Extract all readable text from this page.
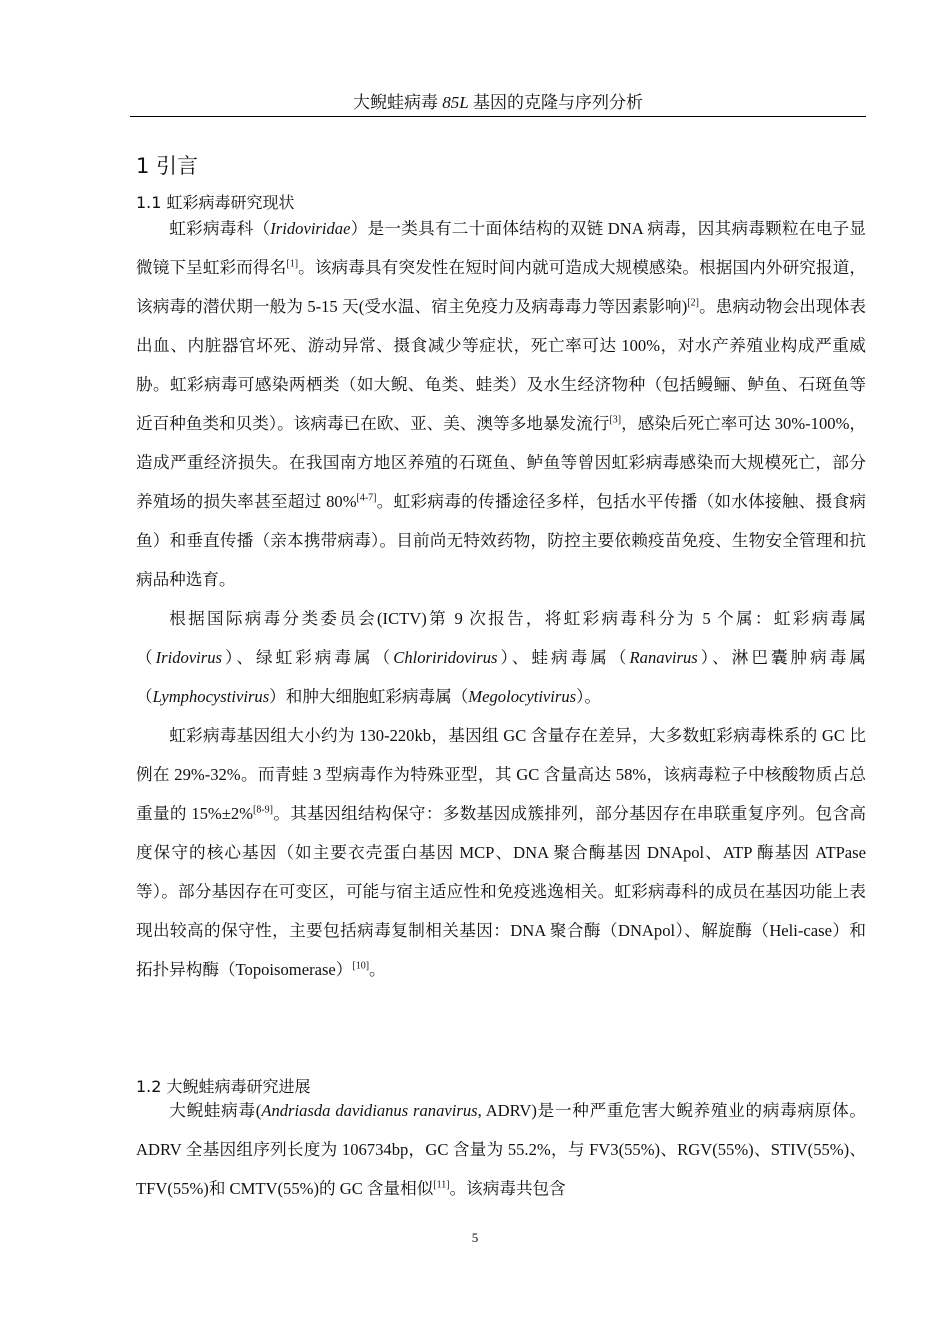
大鲵蛙病毒 85L 基因的克隆与序列分析
1 引言
1.1 虹彩病毒研究现状

虹彩病毒科（Iridoviridae）是一类具有二十面体结构的双链 DNA 病毒，因其病毒颗粒在电子显微镜下呈虹彩而得名[1]。该病毒具有突发性在短时间内就可造成大规模感染。根据国内外研究报道，该病毒的潜伏期一般为 5-15 天(受水温、宿主免疫力及病毒毒力等因素影响)[2]。患病动物会出现体表出血、内脏器官坏死、游动异常、摄食减少等症状，死亡率可达 100%，对水产养殖业构成严重威胁。虹彩病毒可感染两栖类（如大鲵、龟类、蛙类）及水生经济物种（包括鳗鲡、鲈鱼、石斑鱼等近百种鱼类和贝类）。该病毒已在欧、亚、美、澳等多地暴发流行[3]，感染后死亡率可达 30%-100%，造成严重经济损失。在我国南方地区养殖的石斑鱼、鲈鱼等曾因虹彩病毒感染而大规模死亡，部分养殖场的损失率甚至超过 80%[4-7]。虹彩病毒的传播途径多样，包括水平传播（如水体接触、摄食病鱼）和垂直传播（亲本携带病毒）。目前尚无特效药物，防控主要依赖疫苗免疫、生物安全管理和抗病品种选育。

根据国际病毒分类委员会(ICTV)第 9 次报告，将虹彩病毒科分为 5 个属：虹彩病毒属（Iridovirus）、绿虹彩病毒属（Chloriridovirus）、蛙病毒属（Ranavirus）、淋巴囊肿病毒属（Lymphocystivirus）和肿大细胞虹彩病毒属（Megolocytivirus）。

虹彩病毒基因组大小约为 130-220kb，基因组 GC 含量存在差异，大多数虹彩病毒株系的 GC 比例在 29%-32%。而青蛙 3 型病毒作为特殊亚型，其 GC 含量高达 58%，该病毒粒子中核酸物质占总重量的 15%±2%[8-9]。其基因组结构保守：多数基因成簇排列，部分基因存在串联重复序列。包含高度保守的核心基因（如主要衣壳蛋白基因 MCP、DNA 聚合酶基因 DNApol、ATP 酶基因 ATPase 等）。部分基因存在可变区，可能与宿主适应性和免疫逃逸相关。虹彩病毒科的成员在基因功能上表现出较高的保守性，主要包括病毒复制相关基因：DNA 聚合酶（DNApol）、解旋酶（Heli-case）和拓扑异构酶（Topoisomerase）[10]。

1.2 大鲵蛙病毒研究进展

大鲵蛙病毒(Andriasda davidianus ranavirus, ADRV)是一种严重危害大鲵养殖业的病毒病原体。ADRV 全基因组序列长度为 106734bp，GC 含量为 55.2%，与 FV3(55%)、RGV(55%)、STIV(55%)、TFV(55%)和 CMTV(55%)的 GC 含量相似[11]。该病毒共包含

5
